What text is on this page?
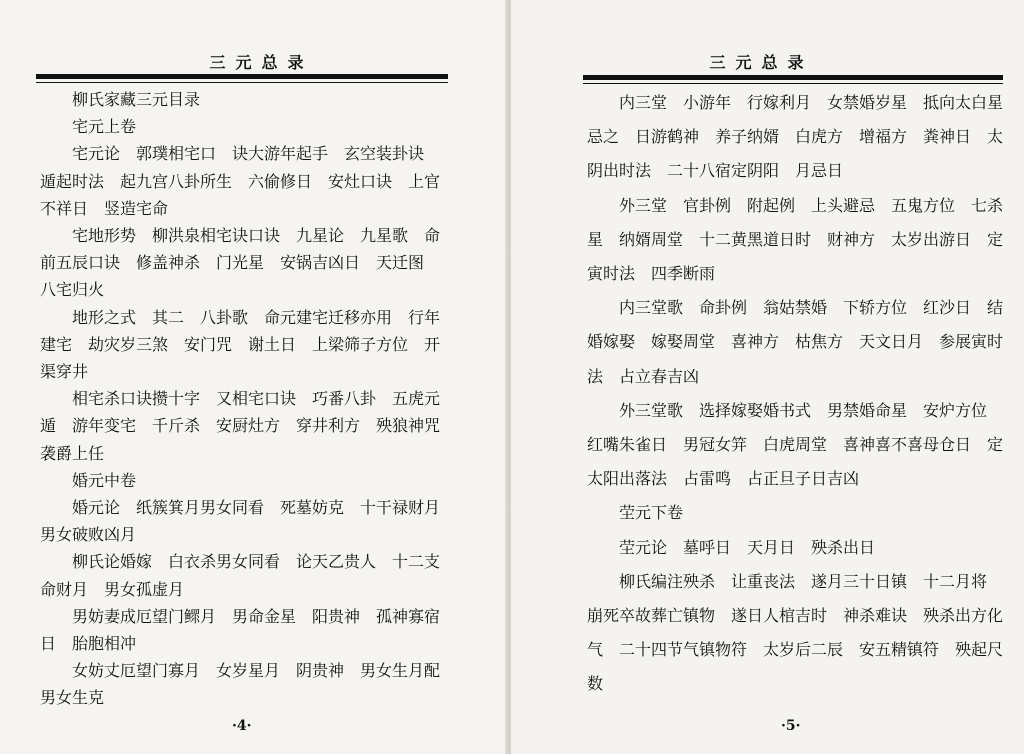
三元总录

柳氏家藏三元目录

宅元上卷

宅元论　郭璞相宅口　诀大游年起手　玄空装卦诀　遁起时法　起九宫八卦所生　六偷修日　安灶口诀　上官不祥日　竖造宅命

宅地形势　柳洪泉相宅诀口诀　九星论　九星歌　命前五辰口诀　修盖神杀　门光星　安锅吉凶日　天迁图　八宅归火

地形之式　其二　八卦歌　命元建宅迁移亦用　行年建宅　劫灾岁三煞　安门咒　谢土日　上梁筛子方位　开渠穿井

相宅杀口诀攒十字　又相宅口诀　巧番八卦　五虎元遁　游年变宅　千斤杀　安厨灶方　穿井利方　殃狼神咒　袭爵上任

婚元中卷

婚元论　纸簇箕月男女同看　死墓妨克　十干禄财月　男女破败凶月

柳氏论婚嫁　白衣杀男女同看　论天乙贵人　十二支命财月　男女孤虚月

男妨妻成厄望门鳏月　男命金星　阳贵神　孤神寡宿日　胎胞相冲

女妨丈厄望门寡月　女岁星月　阴贵神　男女生月配男女生克

·4·
三元总录

内三堂　小游年　行嫁利月　女禁婚岁星　抵向太白星忌之　日游鹤神　养子纳婿　白虎方　增福方　粪神日　太阴出时法　二十八宿定阴阳　月忌日

外三堂　官卦例　附起例　上头避忌　五鬼方位　七杀星　纳婿周堂　十二黄黑道日时　财神方　太岁出游日　定寅时法　四季断雨

内三堂歌　命卦例　翁姑禁婚　下轿方位　红沙日　结婚嫁娶　嫁娶周堂　喜神方　枯焦方　天文日月　参展寅时法　占立春吉凶

外三堂歌　选择嫁娶婚书式　男禁婚命星　安炉方位　红嘴朱雀日　男冠女笄　白虎周堂　喜神喜不喜母仓日　定太阳出落法　占雷鸣　占正旦子日吉凶

茔元下卷

茔元论　墓呼日　天月日　殃杀出日

柳氏编注殃杀　让重丧法　遂月三十日镇　十二月将　崩死卒故葬亡镇物　遂日人棺吉时　神杀难诀　殃杀出方化气　二十四节气镇物符　太岁后二辰　安五精镇符　殃起尺数

·5·
